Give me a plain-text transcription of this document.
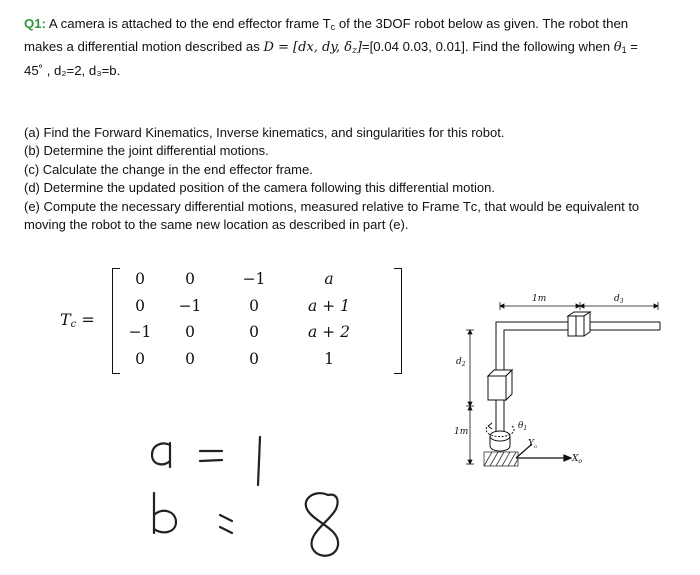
Q1: A camera is attached to the end effector frame $T_c$ of the 3DOF robot below as given. The robot then
makes a differential motion described as D = [dx, dy, $\delta_z]=[0.04$ 0.03, 0.01]. Find the following when $\theta_1$ =
45˚ , d₂=2, d₃=b.
(a) Find the Forward Kinematics, Inverse kinematics, and singularities for this robot.
(b) Determine the joint differential motions.
(c) Calculate the change in the end effector frame.
(d) Determine the updated position of the camera following this differential motion.
(e) Compute the necessary differential motions, measured relative to Frame Tᴄ, that would be equivalent to moving the robot to the same new location as described in part (e).
$T_c$ =
0	0	−1	a
0	−1	0	a + 1
−1	0	0	a + 2
0	0	0	1
1m	$d_3$
$d_2$
1m
$\theta_1$
$X_o$
$Y_o$
